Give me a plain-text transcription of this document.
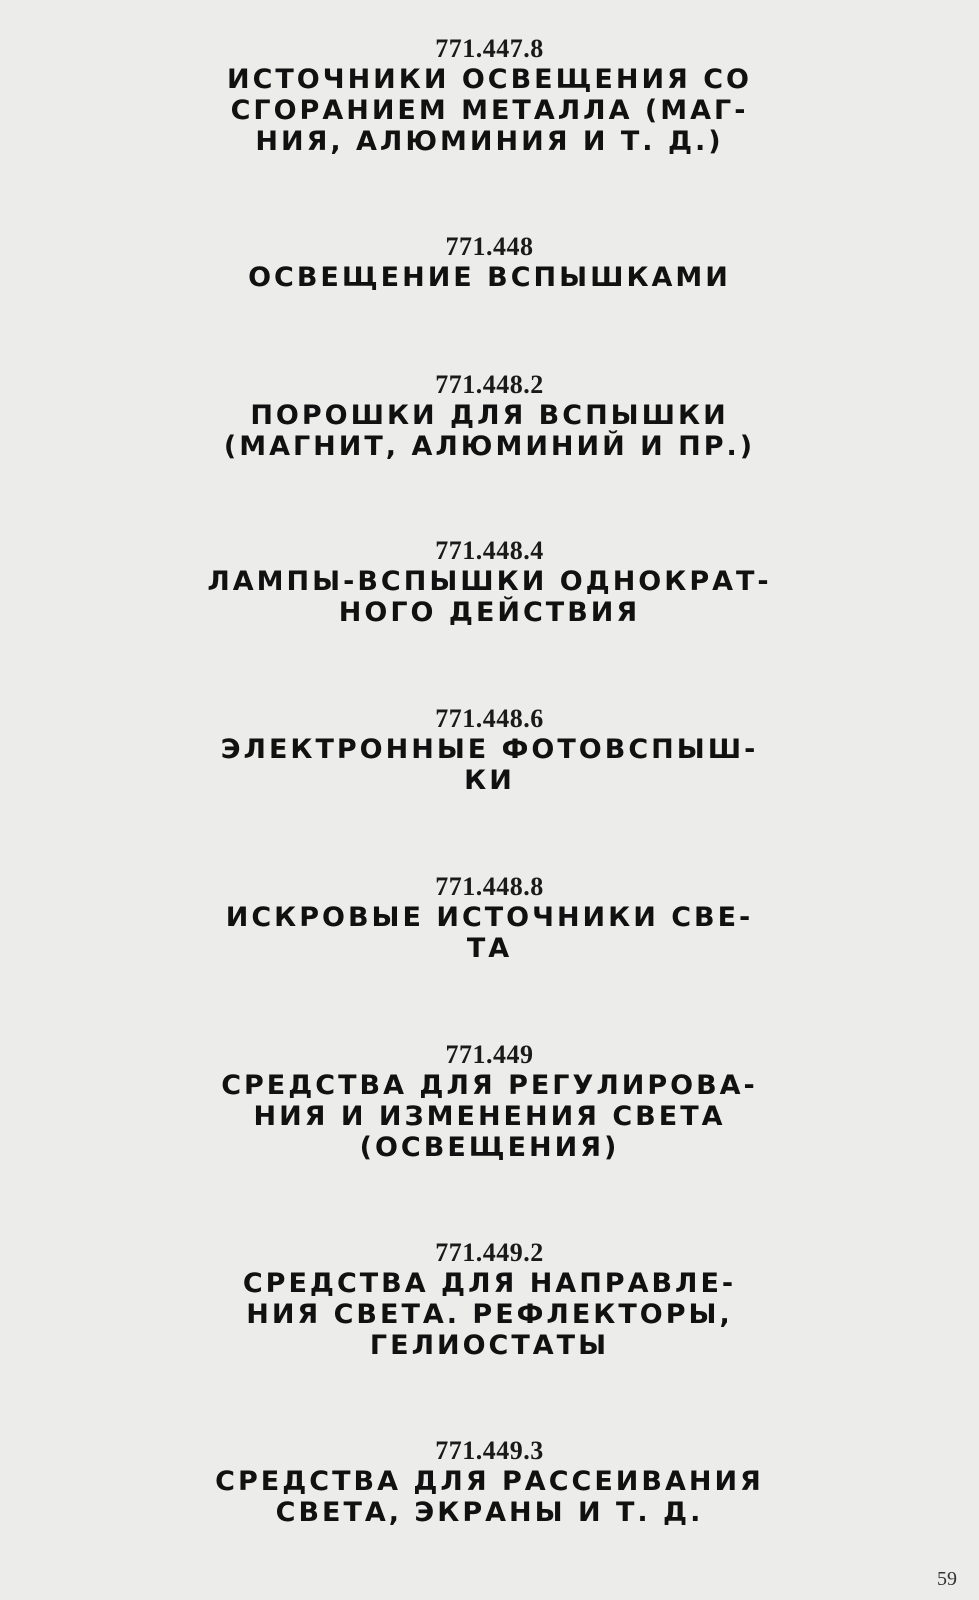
771.447.8
ИСТОЧНИКИ ОСВЕЩЕНИЯ СО
СГОРАНИЕМ МЕТАЛЛА (МАГ-
НИЯ, АЛЮМИНИЯ И Т. Д.)
771.448
ОСВЕЩЕНИЕ ВСПЫШКАМИ
771.448.2
ПОРОШКИ ДЛЯ ВСПЫШКИ
(МАГНИТ, АЛЮМИНИЙ И ПР.)
771.448.4
ЛАМПЫ-ВСПЫШКИ ОДНОКРАТ-
НОГО ДЕЙСТВИЯ
771.448.6
ЭЛЕКТРОННЫЕ ФОТОВСПЫШ-
КИ
771.448.8
ИСКРОВЫЕ ИСТОЧНИКИ СВЕ-
ТА
771.449
СРЕДСТВА ДЛЯ РЕГУЛИРОВА-
НИЯ И ИЗМЕНЕНИЯ СВЕТА
(ОСВЕЩЕНИЯ)
771.449.2
СРЕДСТВА ДЛЯ НАПРАВЛЕ-
НИЯ СВЕТА. РЕФЛЕКТОРЫ,
ГЕЛИОСТАТЫ
771.449.3
СРЕДСТВА ДЛЯ РАССЕИВАНИЯ
СВЕТА, ЭКРАНЫ И Т. Д.
59
